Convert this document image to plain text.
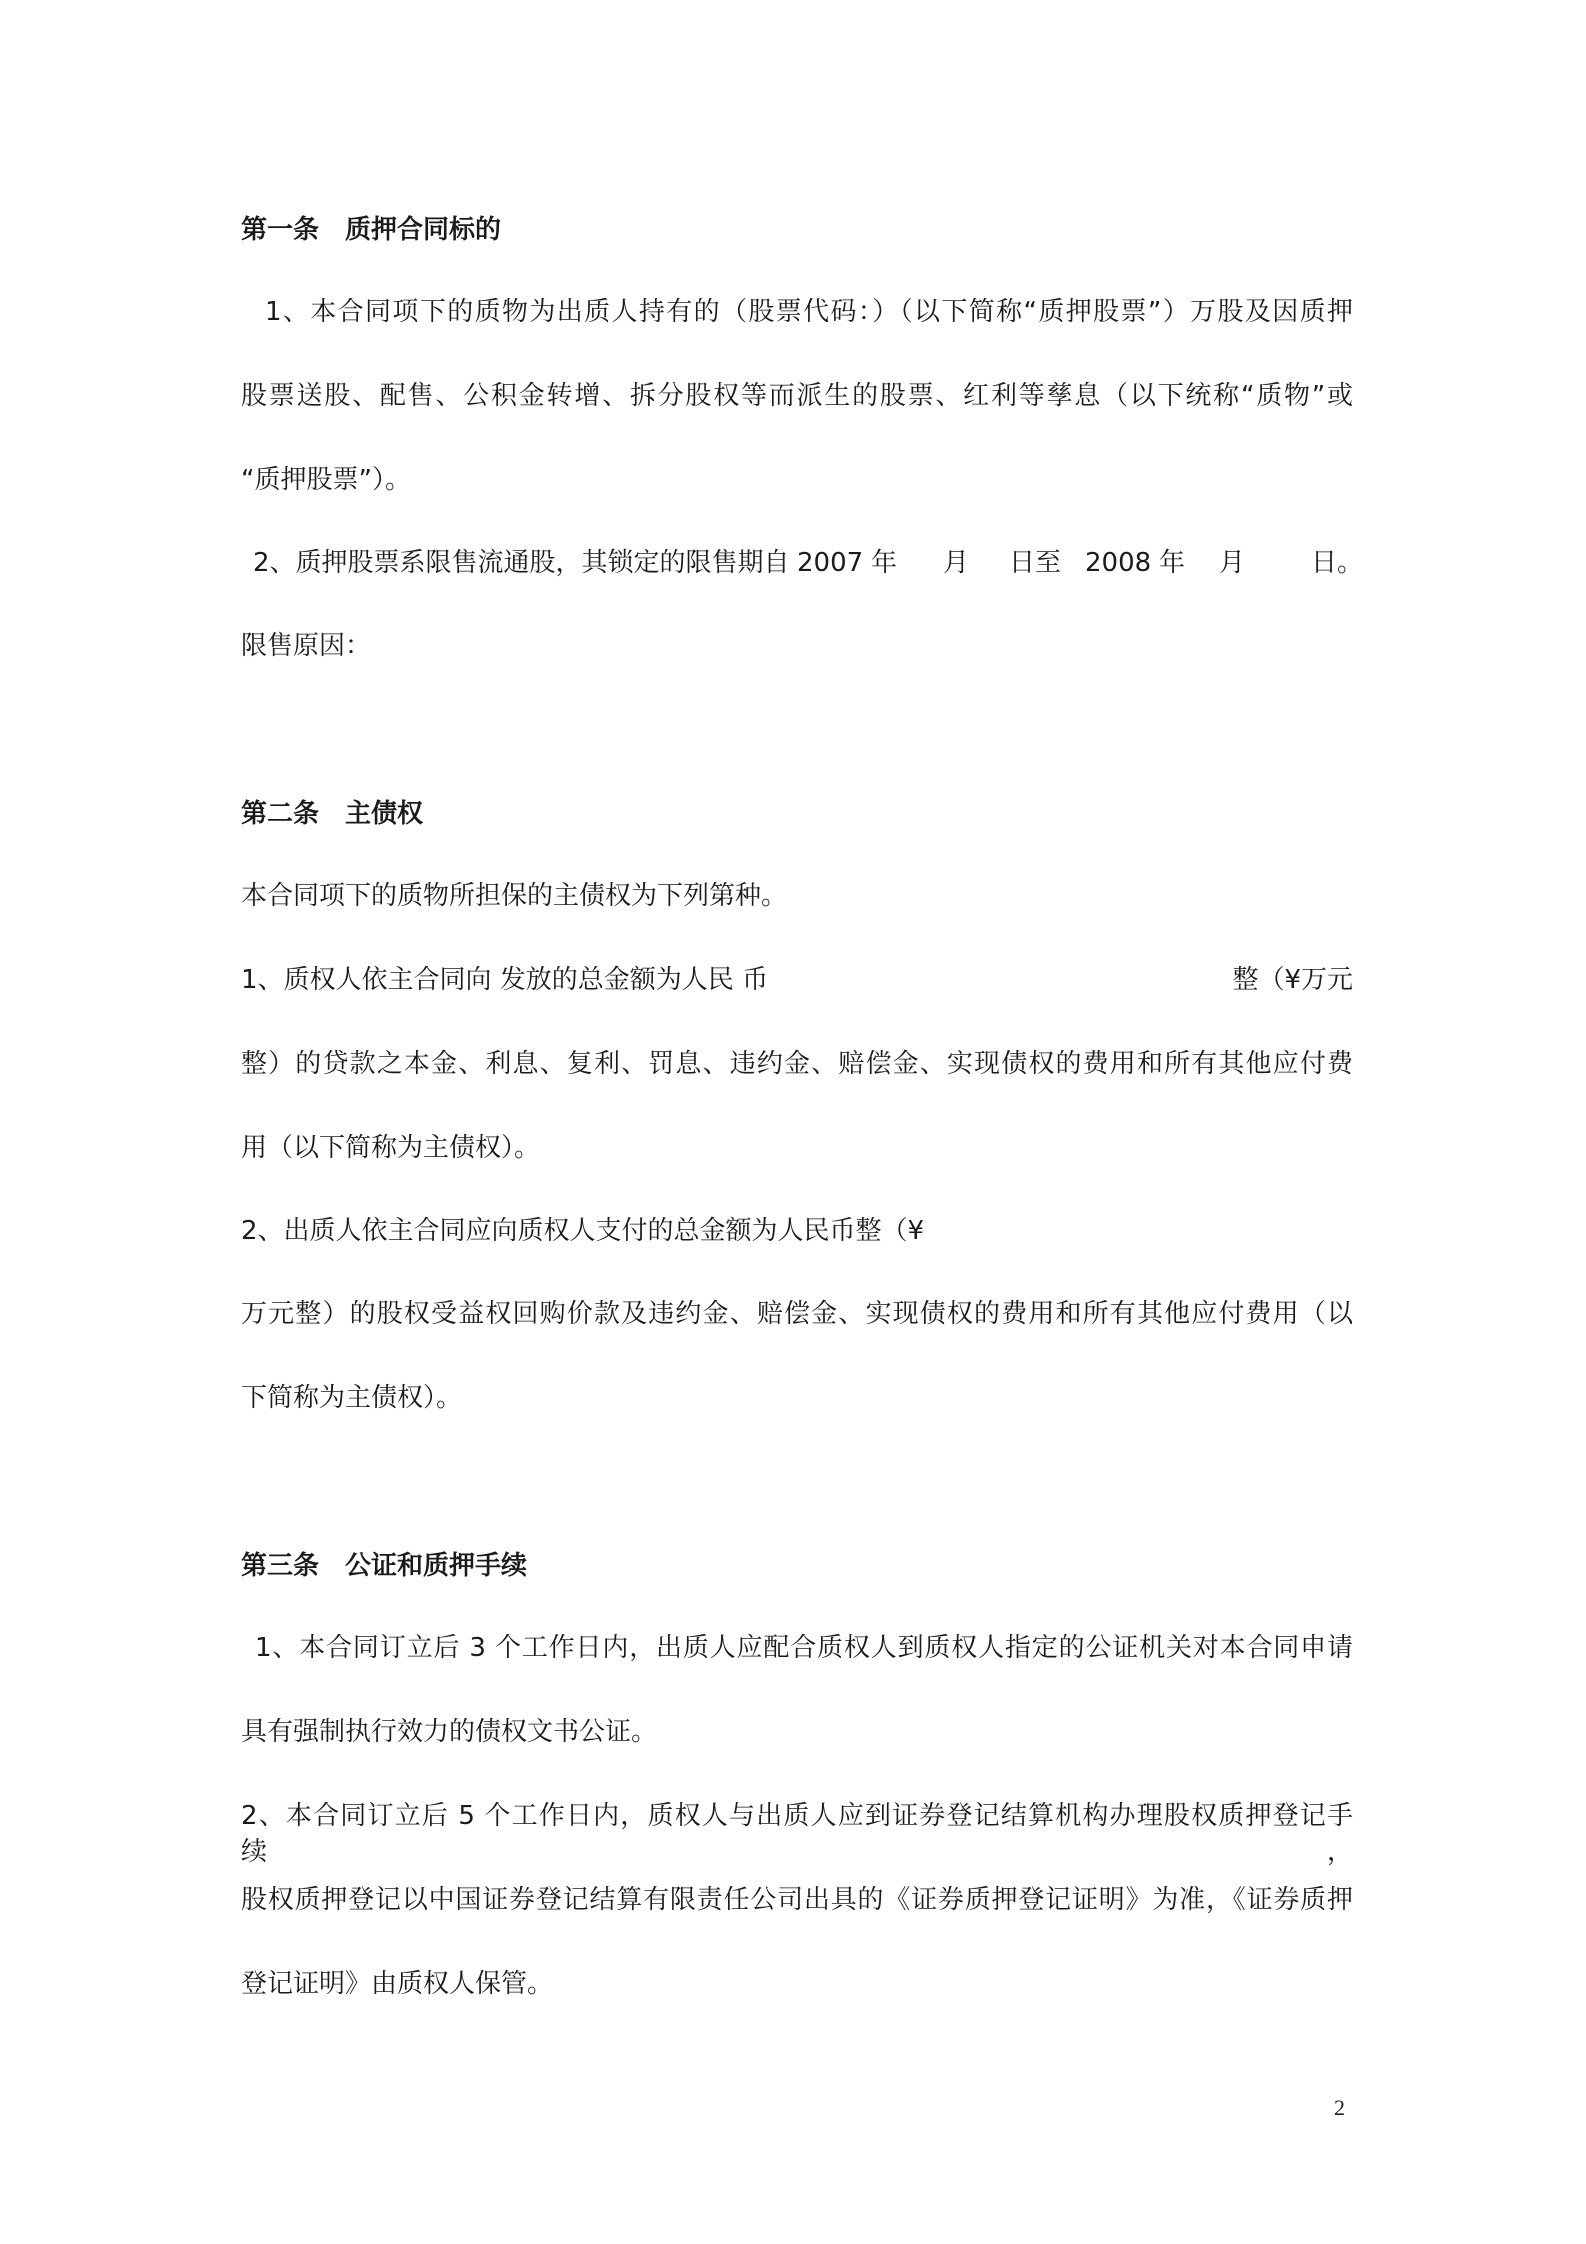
第一条 质押合同标的
1、本合同项下的质物为出质人持有的（股票代码：）（以下简称“质押股票”）万股及因质押
股票送股、配售、公积金转增、拆分股权等而派生的股票、红利等孳息（以下统称“质物”或
“质押股票”）。
2、质押股票系限售流通股，其锁定的限售期自 2007 年 月 日至 2008 年 月	日。
限售原因：
第二条 主债权
本合同项下的质物所担保的主债权为下列第种。
1、质权人依主合同向 发放的总金额为人民 币	整（¥万元
整）的贷款之本金、利息、复利、罚息、违约金、赔偿金、实现债权的费用和所有其他应付费
用（以下简称为主债权）。
2、出质人依主合同应向质权人支付的总金额为人民币整（¥
万元整）的股权受益权回购价款及违约金、赔偿金、实现债权的费用和所有其他应付费用（以
下简称为主债权）。
第三条 公证和质押手续
1、本合同订立后 3 个工作日内，出质人应配合质权人到质权人指定的公证机关对本合同申请
具有强制执行效力的债权文书公证。
2、本合同订立后 5 个工作日内，质权人与出质人应到证券登记结算机构办理股权质押登记手续，
股权质押登记以中国证券登记结算有限责任公司出具的《证券质押登记证明》为准，《证券质押
登记证明》由质权人保管。
2
